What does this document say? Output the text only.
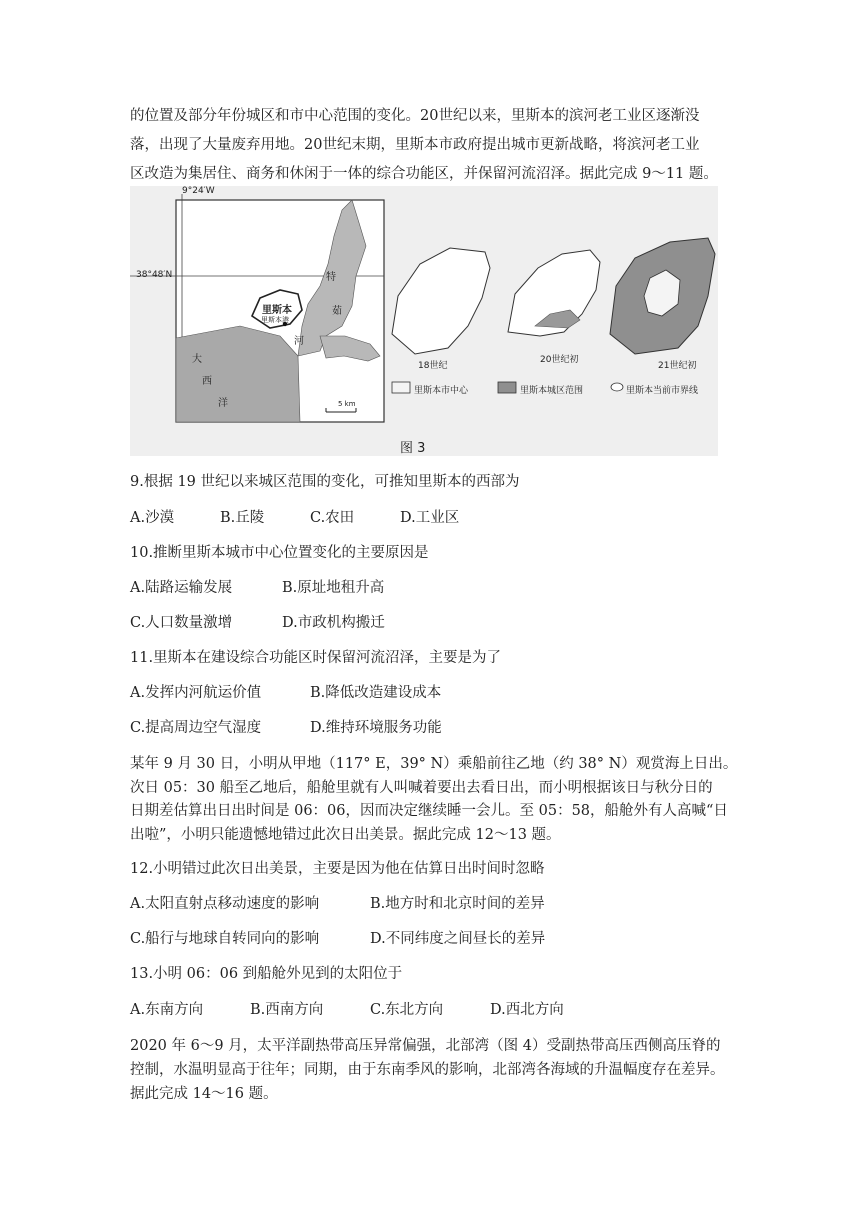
的位置及部分年份城区和市中心范围的变化。20世纪以来，里斯本的滨河老工业区逐渐没
落，出现了大量废弃用地。20世纪末期，里斯本市政府提出城市更新战略，将滨河老工业
区改造为集居住、商务和休闲于一体的综合功能区，并保留河流沼泽。据此完成 9～11 题。
9°24′W
38°48′N
里斯本
里斯本港
特
茹
河
大
西
洋	5 km
18世纪
20世纪初
21世纪初
里斯本市中心	里斯本城区范围	里斯本当前市界线
图 3
9.根据 19 世纪以来城区范围的变化，可推知里斯本的西部为
A.沙漠	B.丘陵	C.农田	D.工业区
10.推断里斯本城市中心位置变化的主要原因是
A.陆路运输发展	B.原址地租升高
C.人口数量激增	D.市政机构搬迁
11.里斯本在建设综合功能区时保留河流沼泽，主要是为了
A.发挥内河航运价值	B.降低改造建设成本
C.提高周边空气湿度	D.维持环境服务功能
某年 9 月 30 日，小明从甲地（117° E，39° N）乘船前往乙地（约 38° N）观赏海上日出。
次日 05：30 船至乙地后，船舱里就有人叫喊着要出去看日出，而小明根据该日与秋分日的
日期差估算出日出时间是 06：06，因而决定继续睡一会儿。至 05：58，船舱外有人高喊“日
出啦”，小明只能遗憾地错过此次日出美景。据此完成 12～13 题。
12.小明错过此次日出美景，主要是因为他在估算日出时间时忽略
A.太阳直射点移动速度的影响	B.地方时和北京时间的差异
C.船行与地球自转同向的影响	D.不同纬度之间昼长的差异
13.小明 06：06 到船舱外见到的太阳位于
A.东南方向	B.西南方向	C.东北方向	D.西北方向
2020 年 6～9 月，太平洋副热带高压异常偏强，北部湾（图 4）受副热带高压西侧高压脊的
控制，水温明显高于往年；同期，由于东南季风的影响，北部湾各海域的升温幅度存在差异。
据此完成 14～16 题。
